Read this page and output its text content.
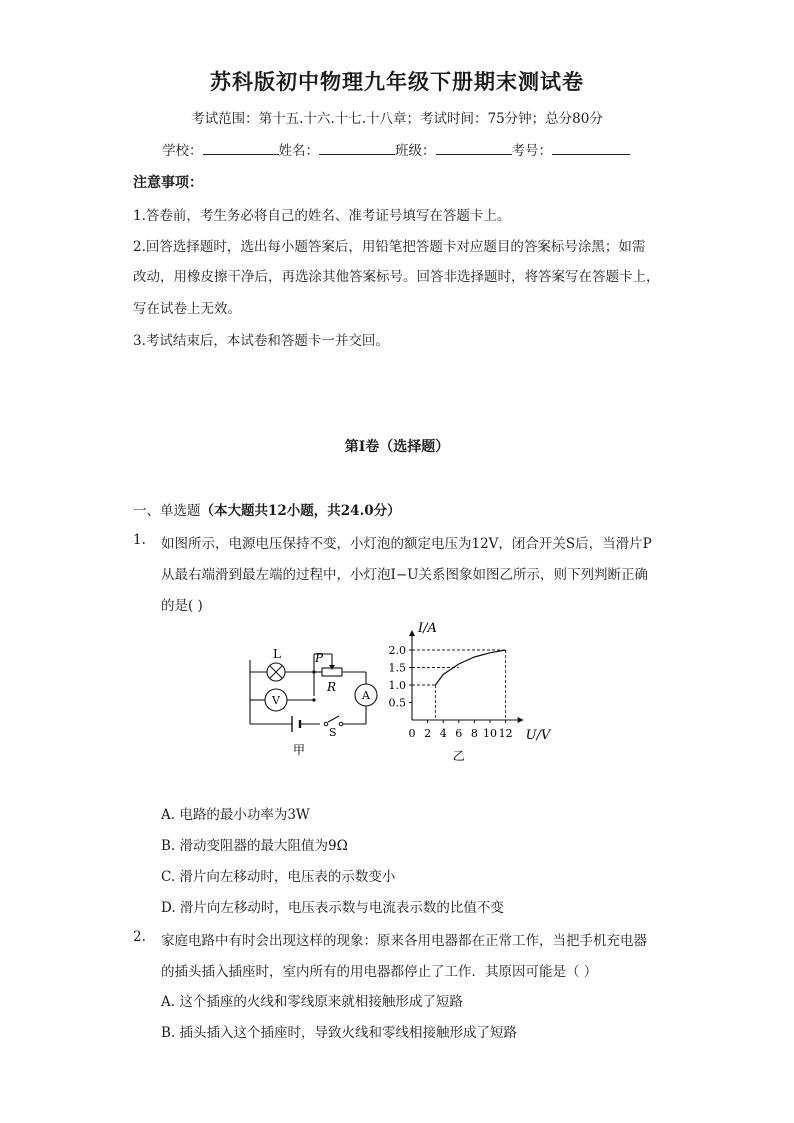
苏科版初中物理九年级下册期末测试卷
考试范围：第十五.十六.十七.十八章；考试时间：75分钟；总分80分
学校：	姓名：	班级：	考号：
注意事项：
1.答卷前，考生务必将自己的姓名、准考证号填写在答题卡上。
2.回答选择题时，选出每小题答案后，用铅笔把答题卡对应题目的答案标号涂黑；如需
改动，用橡皮擦干净后，再选涂其他答案标号。回答非选择题时，将答案写在答题卡上，
写在试卷上无效。
3.考试结束后，本试卷和答题卡一并交回。
第Ⅰ卷（选择题）
一、单选题（本大题共12小题，共24.0分）
1. 如图所示，电源电压保持不变，小灯泡的额定电压为12V，闭合开关S后，当滑片P
从最右端滑到最左端的过程中，小灯泡I−U关系图象如图乙所示，则下列判断正确
的是( )
V	A
L	P
R
S
甲
0.5
1.0
1.5
2.0
0 2 4 6 8 10 12
I/A
U/V
乙
A. 电路的最小功率为3W
B. 滑动变阻器的最大阻值为9Ω
C. 滑片向左移动时，电压表的示数变小
D. 滑片向左移动时，电压表示数与电流表示数的比值不变
2. 家庭电路中有时会出现这样的现象：原来各用电器都在正常工作，当把手机充电器
的插头插入插座时，室内所有的用电器都停止了工作．其原因可能是（ ）
A. 这个插座的火线和零线原来就相接触形成了短路
B. 插头插入这个插座时，导致火线和零线相接触形成了短路
